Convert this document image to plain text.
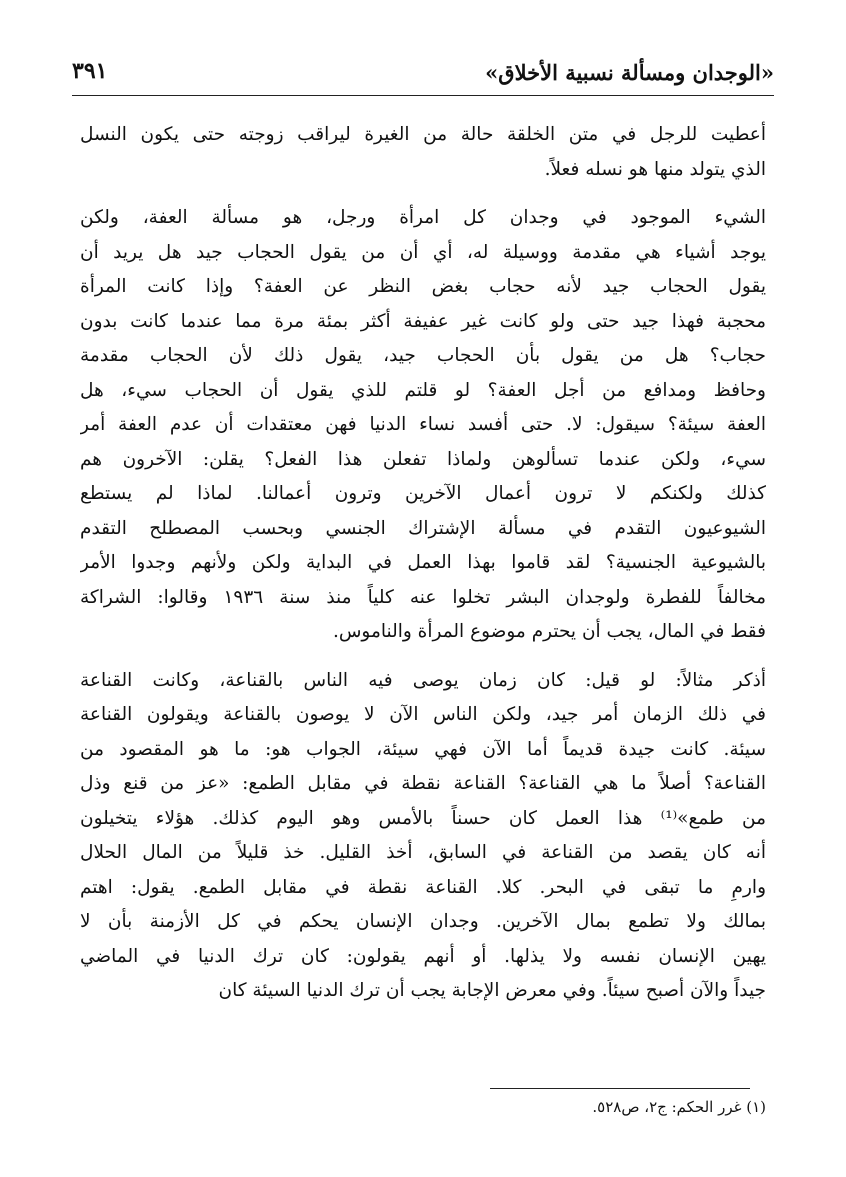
«الوجدان ومسألة نسبية الأخلاق»
٣٩١
أعطيت للرجل في متن الخلقة حالة من الغيرة ليراقب زوجته حتى يكون النسل
الذي يتولد منها هو نسله فعلاً.
الشيء الموجود في وجدان كل امرأة ورجل، هو مسألة العفة، ولكن
يوجد أشياء هي مقدمة ووسيلة له، أي أن من يقول الحجاب جيد هل يريد أن
يقول الحجاب جيد لأنه حجاب بغض النظر عن العفة؟ وإذا كانت المرأة
محجبة فهذا جيد حتى ولو كانت غير عفيفة أكثر بمئة مرة مما عندما كانت بدون
حجاب؟ هل من يقول بأن الحجاب جيد، يقول ذلك لأن الحجاب مقدمة
وحافظ ومدافع من أجل العفة؟ لو قلتم للذي يقول أن الحجاب سيء، هل
العفة سيئة؟ سيقول: لا. حتى أفسد نساء الدنيا فهن معتقدات أن عدم العفة أمر
سيء، ولكن عندما تسألوهن ولماذا تفعلن هذا الفعل؟ يقلن: الآخرون هم
كذلك ولكنكم لا ترون أعمال الآخرين وترون أعمالنا. لماذا لم يستطع
الشيوعيون التقدم في مسألة الإشتراك الجنسي وبحسب المصطلح التقدم
بالشيوعية الجنسية؟ لقد قاموا بهذا العمل في البداية ولكن ولأنهم وجدوا الأمر
مخالفاً للفطرة ولوجدان البشر تخلوا عنه كلياً منذ سنة ١٩٣٦ وقالوا: الشراكة
فقط في المال، يجب أن يحترم موضوع المرأة والناموس.
أذكر مثالاً: لو قيل: كان زمان يوصى فيه الناس بالقناعة، وكانت القناعة
في ذلك الزمان أمر جيد، ولكن الناس الآن لا يوصون بالقناعة ويقولون القناعة
سيئة. كانت جيدة قديماً أما الآن فهي سيئة، الجواب هو: ما هو المقصود من
القناعة؟ أصلاً ما هي القناعة؟ القناعة نقطة في مقابل الطمع: «عز من قنع وذل
من طمع»⁽¹⁾ هذا العمل كان حسناً بالأمس وهو اليوم كذلك. هؤلاء يتخيلون
أنه كان يقصد من القناعة في السابق، أخذ القليل. خذ قليلاً من المال الحلال
وارمِ ما تبقى في البحر. كلا. القناعة نقطة في مقابل الطمع. يقول: اهتم
بمالك ولا تطمع بمال الآخرين. وجدان الإنسان يحكم في كل الأزمنة بأن لا
يهين الإنسان نفسه ولا يذلها. أو أنهم يقولون: كان ترك الدنيا في الماضي
جيداً والآن أصبح سيئاً. وفي معرض الإجابة يجب أن ترك الدنيا السيئة كان
(١) غرر الحكم: ج٢، ص٥٢٨.
